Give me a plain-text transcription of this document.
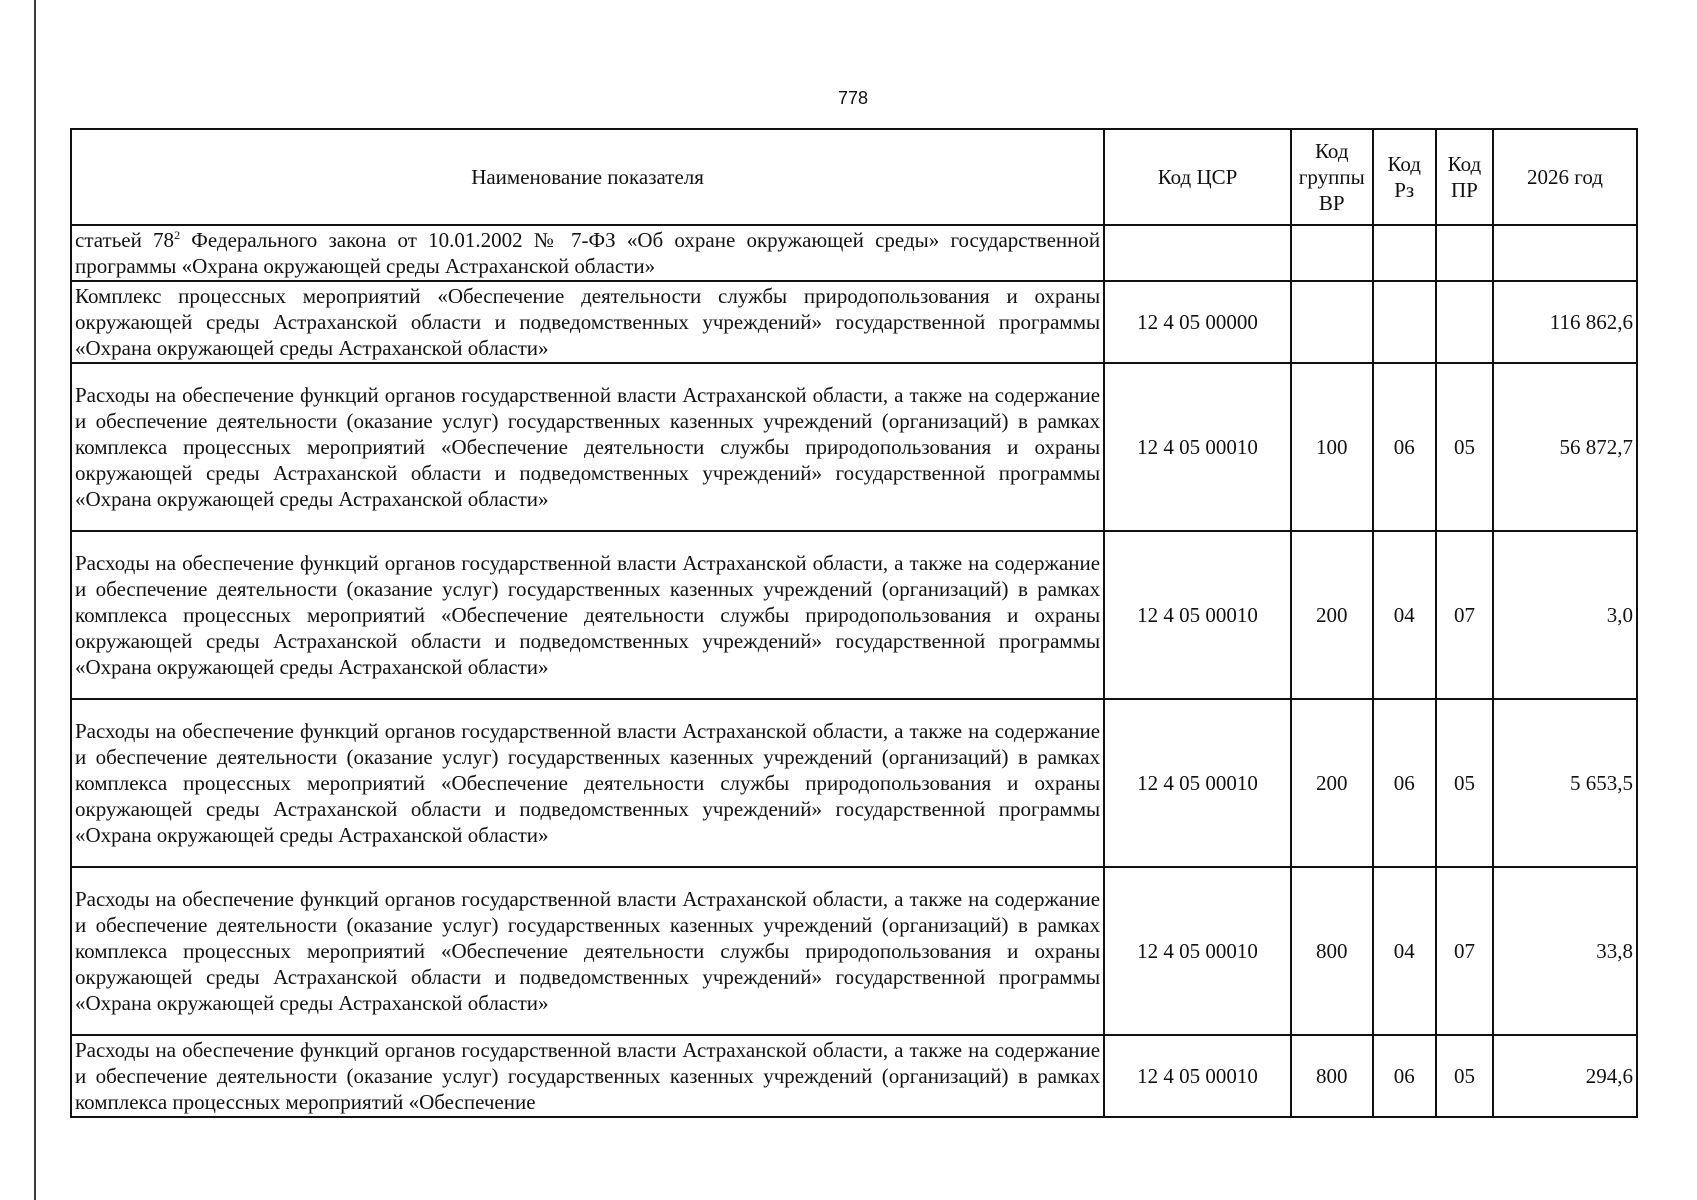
778
Наименование показателя	Код ЦСР	Код группы ВР	Код Рз	Код ПР	2026 год
статьей $78^2$ Федерального закона от 10.01.2002 № 7-ФЗ «Об охране окружающей среды» государственной программы «Охрана окружающей среды Астраханской области»					
Комплекс процессных мероприятий «Обеспечение деятельности службы природопользования и охраны окружающей среды Астраханской области и подведомственных учреждений» государственной программы «Охрана окружающей среды Астраханской области»	12 4 05 00000				116 862,6
Расходы на обеспечение функций органов государственной власти Астраханской области, а также на содержание и обеспечение деятельности (оказание услуг) государственных казенных учреждений (организаций) в рамках комплекса процессных мероприятий «Обеспечение деятельности службы природопользования и охраны окружающей среды Астраханской области и подведомственных учреждений» государственной программы «Охрана окружающей среды Астраханской области»	12 4 05 00010	100	06	05	56 872,7
Расходы на обеспечение функций органов государственной власти Астраханской области, а также на содержание и обеспечение деятельности (оказание услуг) государственных казенных учреждений (организаций) в рамках комплекса процессных мероприятий «Обеспечение деятельности службы природопользования и охраны окружающей среды Астраханской области и подведомственных учреждений» государственной программы «Охрана окружающей среды Астраханской области»	12 4 05 00010	200	04	07	3,0
Расходы на обеспечение функций органов государственной власти Астраханской области, а также на содержание и обеспечение деятельности (оказание услуг) государственных казенных учреждений (организаций) в рамках комплекса процессных мероприятий «Обеспечение деятельности службы природопользования и охраны окружающей среды Астраханской области и подведомственных учреждений» государственной программы «Охрана окружающей среды Астраханской области»	12 4 05 00010	200	06	05	5 653,5
Расходы на обеспечение функций органов государственной власти Астраханской области, а также на содержание и обеспечение деятельности (оказание услуг) государственных казенных учреждений (организаций) в рамках комплекса процессных мероприятий «Обеспечение деятельности службы природопользования и охраны окружающей среды Астраханской области и подведомственных учреждений» государственной программы «Охрана окружающей среды Астраханской области»	12 4 05 00010	800	04	07	33,8
Расходы на обеспечение функций органов государственной власти Астраханской области, а также на содержание и обеспечение деятельности (оказание услуг) государственных казенных учреждений (организаций) в рамках комплекса процессных мероприятий «Обеспечение	12 4 05 00010	800	06	05	294,6
